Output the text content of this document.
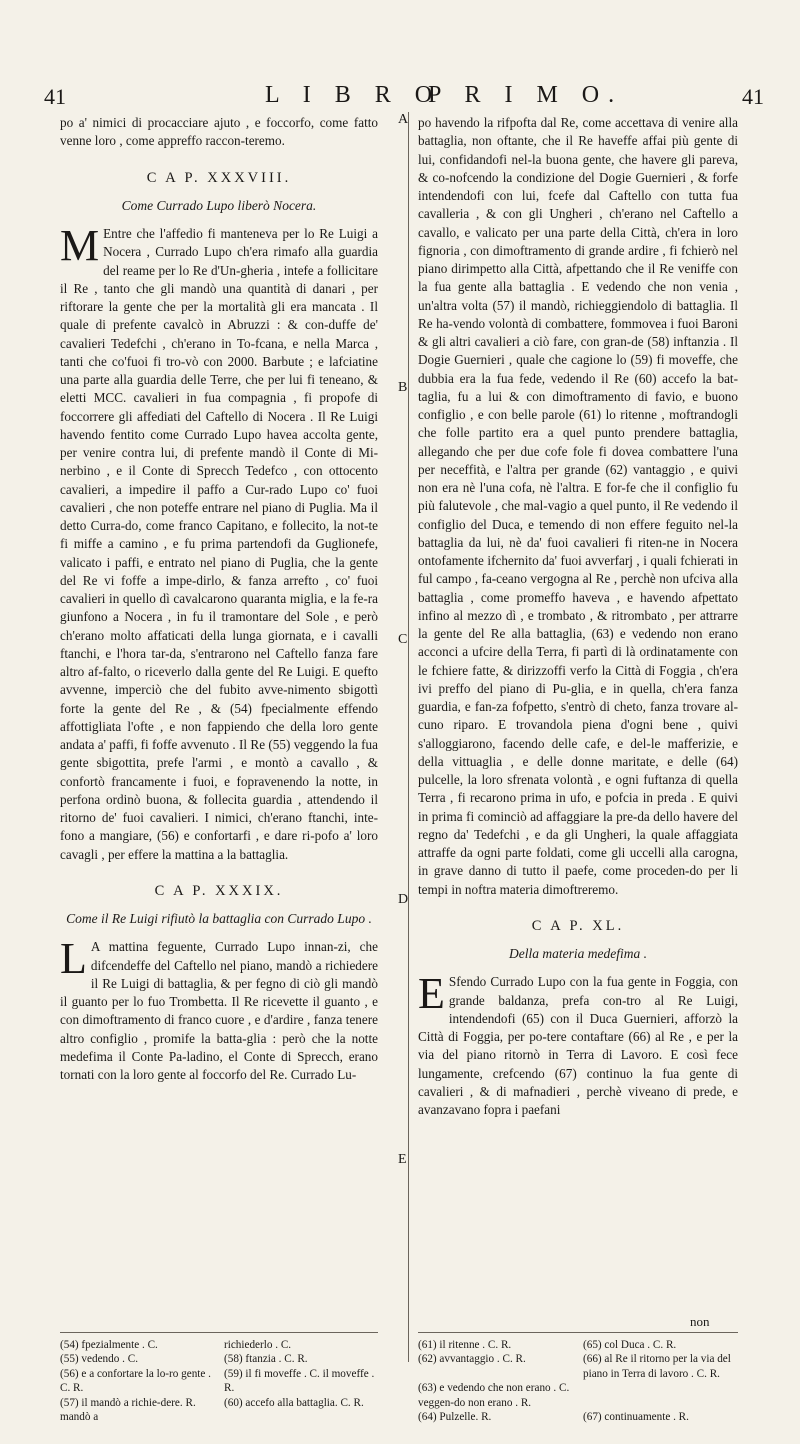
41	L I B R O
P R I M O.	41
A
B
C
D
E

po a' nimici di procacciare ajuto , e foccorfo, come fatto venne loro , come appreffo raccon-teremo.

C A P. XXXVIII.
Come Currado Lupo liberò Nocera.

M Entre che l'affedio fi manteneva per lo Re Luigi a Nocera , Currado Lupo ch'era rimafo alla guardia del reame per lo Re d'Un-gheria , intefe a follicitare il Re , tanto che gli mandò una quantità di danari , per riftorare la gente che per la mortalità gli era mancata . Il quale di prefente cavalcò in Abruzzi : & con-duffe de' cavalieri Tedefchi , ch'erano in To-fcana, e nella Marca , tanti che co'fuoi fi tro-vò con 2000. Barbute ; e lafciatine una parte alla guardia delle Terre, che per lui fi teneano, & eletti MCC. cavalieri in fua compagnia , fi propofe di foccorrere gli affediati del Caftello di Nocera . Il Re Luigi havendo fentito come Currado Lupo havea accolta gente, per venire contra lui, di prefente mandò il Conte di Mi-nerbino , e il Conte di Sprecch Tedefco , con ottocento cavalieri, a impedire il paffo a Cur-rado Lupo co' fuoi cavalieri , che non poteffe entrare nel piano di Puglia. Ma il detto Curra-do, come franco Capitano, e follecito, la not-te fi miffe a camino , e fu prima partendofi da Guglionefe, valicato i paffi, e entrato nel piano di Puglia, che la gente del Re vi foffe a impe-dirlo, & fanza arrefto , co' fuoi cavalieri in quello dì cavalcarono quaranta miglia, e la fe-ra giunfono a Nocera , in fu il tramontare del Sole , e però ch'erano molto affaticati della lunga giornata, e i cavalli ftanchi, e l'hora tar-da, s'entrarono nel Caftello fanza fare altro af-falto, o riceverlo dalla gente del Re Luigi. E quefto avvenne, imperciò che del fubito avve-nimento sbigottì forte la gente del Re , & (54) fpecialmente effendo affottigliata l'ofte , e non fappiendo che della loro gente andata a' paffi, fi foffe avvenuto . Il Re (55) veggendo la fua gente sbigottita, prefe l'armi , e montò a cavallo , & confortò francamente i fuoi, e fopravenendo la notte, in perfona ordinò buona, & follecita guardia , attendendo il ritorno de' fuoi cavalieri. I nimici, ch'erano ftanchi, inte-fono a mangiare, (56) e confortarfi , e dare ri-pofo a' loro cavagli , per effere la mattina a la battaglia.

C A P. XXXIX.
Come il Re Luigi rifiutò la battaglia con Currado Lupo .

L A mattina feguente, Currado Lupo innan-zi, che difcendeffe del Caftello nel piano, mandò a richiedere il Re Luigi di battaglia, & per fegno di ciò gli mandò il guanto per lo fuo Trombetta. Il Re ricevette il guanto , e con dimoftramento di franco cuore , e d'ardire , fanza tenere altro configlio , promife la batta-glia : però che la notte medefima il Conte Pa-ladino, el Conte di Sprecch, erano tornati con la loro gente al foccorfo del Re. Currado Lu-

po havendo la rifpofta dal Re, come accettava di venire alla battaglia, non oftante, che il Re haveffe affai più gente di lui, confidandofi nel-la buona gente, che havere gli pareva, & co-nofcendo la condizione del Dogie Guernieri , & forfe intendendofi con lui, fcefe dal Caftello con tutta fua cavalleria , & con gli Ungheri , ch'erano nel Caftello a cavallo, e valicato per una parte della Città, ch'era in loro fignoria , con dimoftramento di grande ardire , fi fchierò nel piano dirimpetto alla Città, afpettando che il Re veniffe con la fua gente alla battaglia . E vedendo che non venia , un'altra volta (57) il mandò, richieggiendolo di battaglia. Il Re ha-vendo volontà di combattere, fommovea i fuoi Baroni & gli altri cavalieri a ciò fare, con gran-de (58) inftanzia . Il Dogie Guernieri , quale che cagione lo (59) fi moveffe, che dubbia era la fua fede, vedendo il Re (60) accefo la bat-taglia, fu a lui & con dimoftramento di favio, e buono configlio , e con belle parole (61) lo ritenne , moftrandogli che folle partito era a quel punto prendere battaglia, allegando che per due cofe fole fi dovea combattere l'una per neceffità, e l'altra per grande (62) vantaggio , e quivi non era nè l'una cofa, nè l'altra. E for-fe che il configlio fu più falutevole , che mal-vagio a quel punto, il Re vedendo il configlio del Duca, e temendo di non effere feguito nel-la battaglia da lui, nè da' fuoi cavalieri fi riten-ne in Nocera ontofamente ifchernito da' fuoi avverfarj , i quali fchierati in ful campo , fa-ceano vergogna al Re , perchè non ufciva alla battaglia , come promeffo haveva , e havendo afpettato infino al mezzo dì , e trombato , & ritrombato , per attrarre la gente del Re alla battaglia, (63) e vedendo non erano acconci a ufcire della Terra, fi partì di là ordinatamente con le fchiere fatte, & dirizzoffi verfo la Città di Foggia , ch'era ivi preffo del piano di Pu-glia, e in quella, ch'era fanza guardia, e fan-za fofpetto, s'entrò di cheto, fanza trovare al-cuno riparo. E trovandola piena d'ogni bene , quivi s'alloggiarono, facendo delle cafe, e del-le mafferizie, e della vittuaglia , e delle donne maritate, e delle (64) pulcelle, la loro sfrenata volontà , e ogni fuftanza di quella Terra , fi recarono prima in ufo, e pofcia in preda . E quivi in prima fi cominciò ad affaggiare la pre-da dello havere del regno da' Tedefchi , e da gli Ungheri, la quale affaggiata attraffe da ogni parte foldati, come gli uccelli alla carogna, in grave danno di tutto il paefe, come proceden-do per li tempi in noftra materia dimoftreremo.

C A P. XL.
Della materia medefima .

E Sfendo Currado Lupo con la fua gente in Foggia, con grande baldanza, prefa con-tro al Re Luigi, intendendofi (65) con il Duca Guernieri, afforzò la Città di Foggia, per po-tere contaftare (66) al Re , e per la via del piano ritornò in Terra di Lavoro. E così fece lungamente, crefcendo (67) continuo la fua gente di cavalieri , & di mafnadieri , perchè viveano di prede, e avanzavano fopra i paefani

non
(54) fpezialmente . C.	richiederlo . C.
(55) vedendo . C.	(58) ftanzia . C. R.
(56) e a confortare la lo-ro gente . C. R.
(59) il fi moveffe . C. il moveffe . R.
(57) il mandò a richie-dere. R. mandò a
(60) accefo alla battaglia. C. R.
(61) il ritenne . C. R.	(65) col Duca . C. R.
(62) avvantaggio . C. R.	(66) al Re il ritorno per la via del piano in Terra di lavoro . C. R.
(63) e vedendo che non erano . C. veggen-do non erano . R.
(64) Pulzelle. R.	(67) continuamente . R.
